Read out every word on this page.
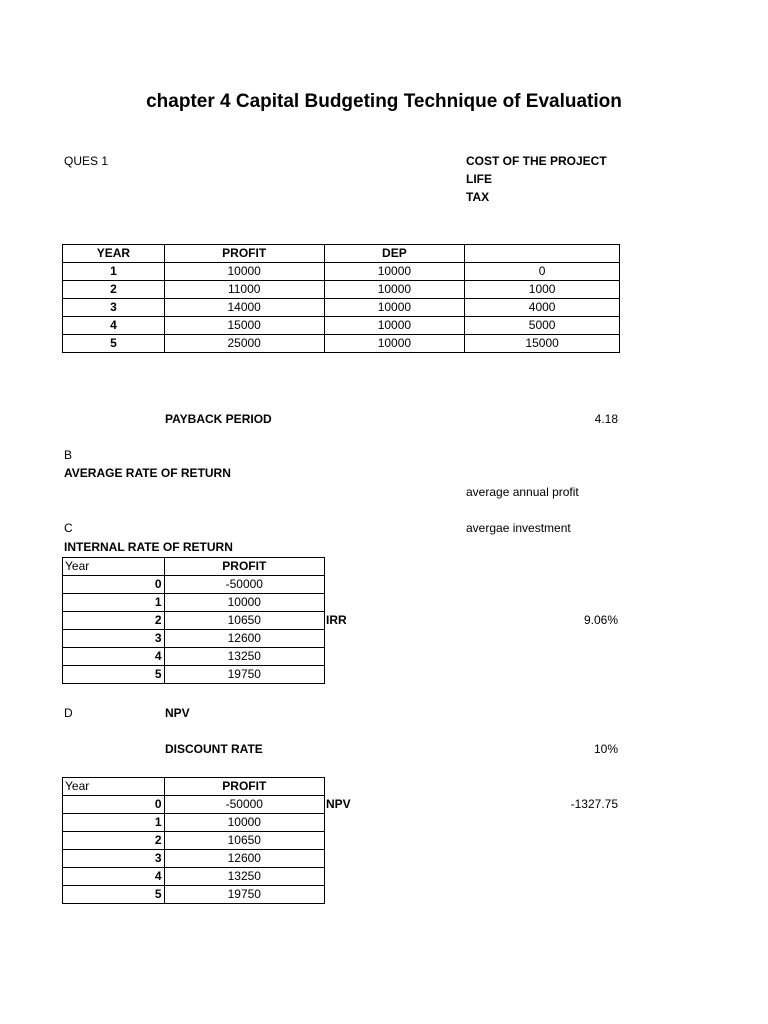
chapter 4 Capital Budgeting Technique of Evaluation
QUES 1	COST OF THE PROJECT
LIFE
TAX
YEAR	PROFIT	DEP	
1	10000	10000	0
2	11000	10000	1000
3	14000	10000	4000
4	15000	10000	5000
5	25000	10000	15000
PAYBACK PERIOD	4.18
B
AVERAGE RATE OF RETURN
average annual profit
C	avergae investment
INTERNAL RATE OF RETURN
Year	PROFIT
0	-50000
1	10000
2	10650
3	12600
4	13250
5	19750
IRR	9.06%
D	NPV
DISCOUNT RATE	10%
Year	PROFIT
0	-50000
1	10000
2	10650
3	12600
4	13250
5	19750
NPV	-1327.75
